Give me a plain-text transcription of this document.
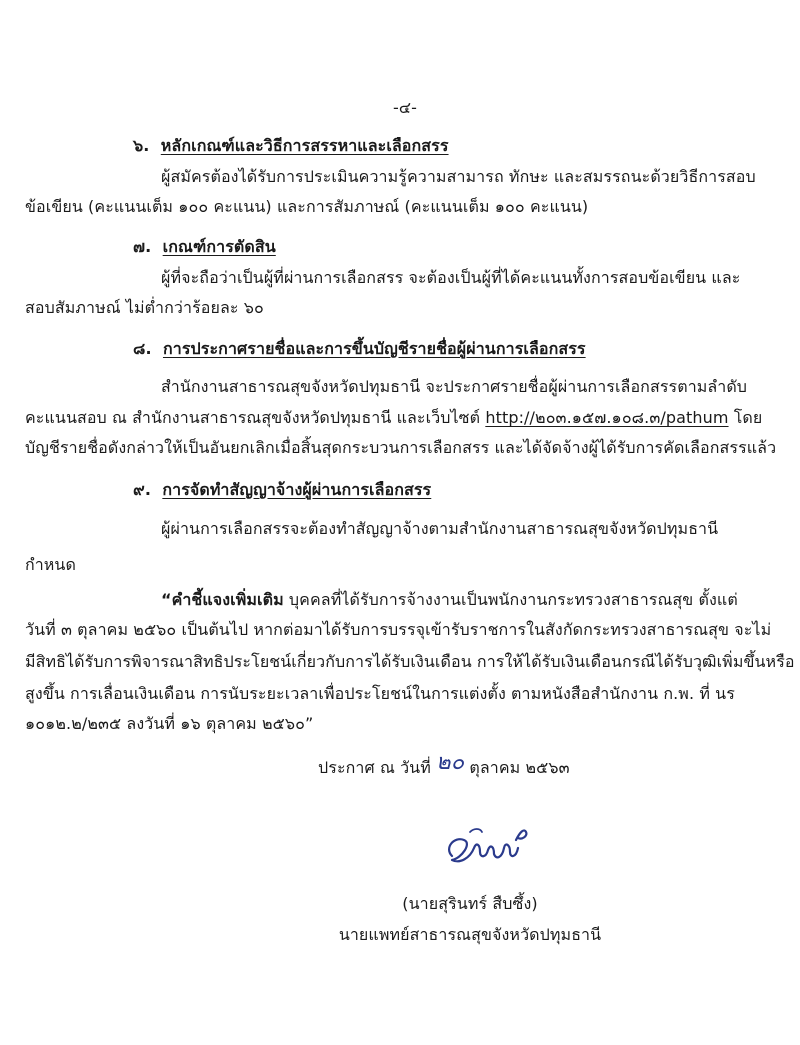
-๔-
๖. หลักเกณฑ์และวิธีการสรรหาและเลือกสรร
ผู้สมัครต้องได้รับการประเมินความรู้ความสามารถ ทักษะ และสมรรถนะด้วยวิธีการสอบ
ข้อเขียน (คะแนนเต็ม ๑๐๐ คะแนน) และการสัมภาษณ์ (คะแนนเต็ม ๑๐๐ คะแนน)
๗. เกณฑ์การตัดสิน
ผู้ที่จะถือว่าเป็นผู้ที่ผ่านการเลือกสรร จะต้องเป็นผู้ที่ได้คะแนนทั้งการสอบข้อเขียน และ
สอบสัมภาษณ์ ไม่ต่ำกว่าร้อยละ ๖๐
๘. การประกาศรายชื่อและการขึ้นบัญชีรายชื่อผู้ผ่านการเลือกสรร
สำนักงานสาธารณสุขจังหวัดปทุมธานี จะประกาศรายชื่อผู้ผ่านการเลือกสรรตามลำดับ
คะแนนสอบ ณ สำนักงานสาธารณสุขจังหวัดปทุมธานี และเว็บไซต์ http://๒๐๓.๑๕๗.๑๐๘.๓/pathum โดย
บัญชีรายชื่อดังกล่าวให้เป็นอันยกเลิกเมื่อสิ้นสุดกระบวนการเลือกสรร และได้จัดจ้างผู้ได้รับการคัดเลือกสรรแล้ว
๙. การจัดทำสัญญาจ้างผู้ผ่านการเลือกสรร
ผู้ผ่านการเลือกสรรจะต้องทำสัญญาจ้างตามสำนักงานสาธารณสุขจังหวัดปทุมธานี
กำหนด
“คำชี้แจงเพิ่มเติม บุคคลที่ได้รับการจ้างงานเป็นพนักงานกระทรวงสาธารณสุข ตั้งแต่
วันที่ ๓ ตุลาคม ๒๕๖๐ เป็นต้นไป หากต่อมาได้รับการบรรจุเข้ารับราชการในสังกัดกระทรวงสาธารณสุข จะไม่
มีสิทธิได้รับการพิจารณาสิทธิประโยชน์เกี่ยวกับการได้รับเงินเดือน การให้ได้รับเงินเดือนกรณีได้รับวุฒิเพิ่มขึ้นหรือ
สูงขึ้น การเลื่อนเงินเดือน การนับระยะเวลาเพื่อประโยชน์ในการแต่งตั้ง ตามหนังสือสำนักงาน ก.พ. ที่ นร
๑๐๑๒.๒/๒๓๕ ลงวันที่ ๑๖ ตุลาคม ๒๕๖๐”
ประกาศ ณ วันที่ ๒๐ ตุลาคม ๒๕๖๓
(นายสุรินทร์ สืบซึ้ง)
นายแพทย์สาธารณสุขจังหวัดปทุมธานี
